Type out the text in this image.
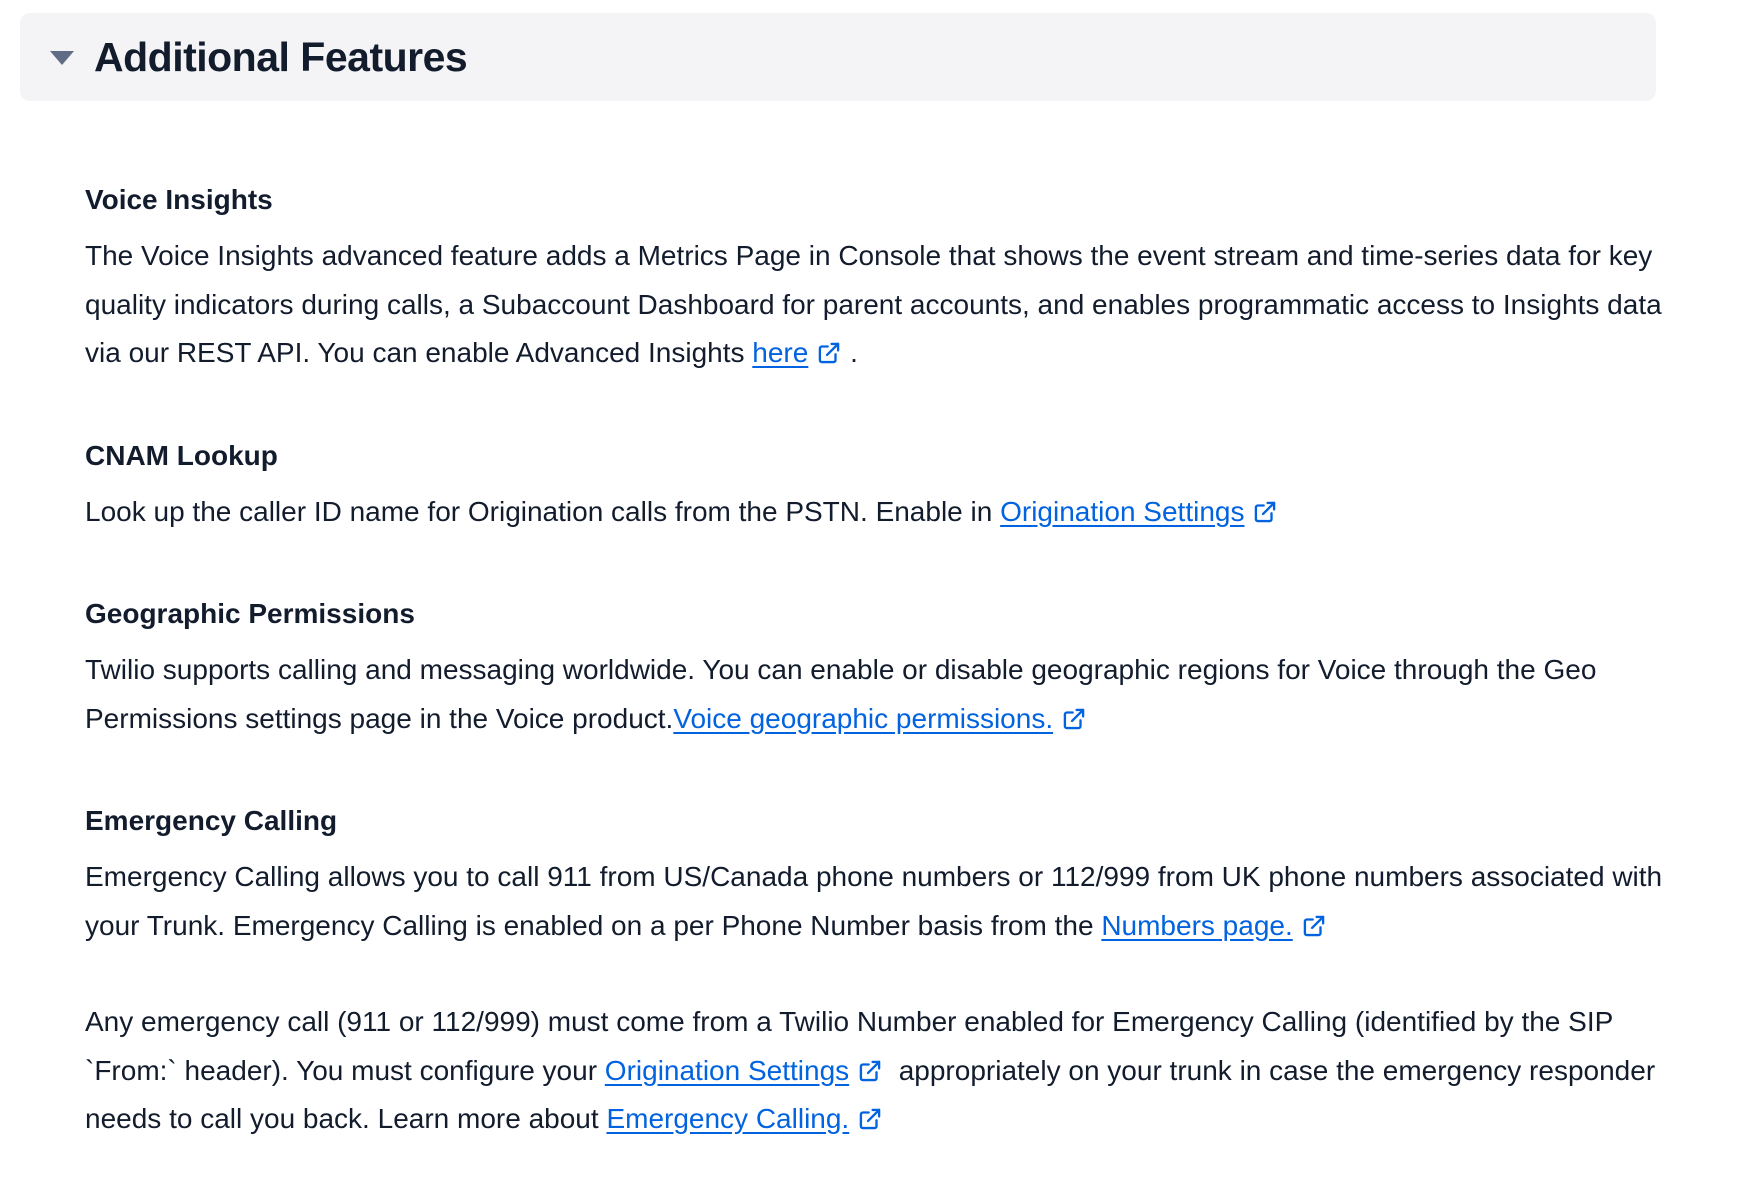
Additional Features
Voice Insights

The Voice Insights advanced feature adds a Metrics Page in Console that shows the event stream and time-series data for key quality indicators during calls, a Subaccount Dashboard for parent accounts, and enables programmatic access to Insights data via our REST API. You can enable Advanced Insights here
.

CNAM Lookup

Look up the caller ID name for Origination calls from the PSTN. Enable in Origination Settings

Geographic Permissions

Twilio supports calling and messaging worldwide. You can enable or disable geographic regions for Voice through the Geo Permissions settings page in the Voice product.Voice geographic permissions.

Emergency Calling

Emergency Calling allows you to call 911 from US/Canada phone numbers or 112/999 from UK phone numbers associated with your Trunk. Emergency Calling is enabled on a per Phone Number basis from the Numbers page.

Any emergency call (911 or 112/999) must come from a Twilio Number enabled for Emergency Calling (identified by the SIP `From:` header). You must configure your Origination Settings
appropriately on your trunk in case the emergency responder needs to call you back. Learn more about Emergency Calling.
